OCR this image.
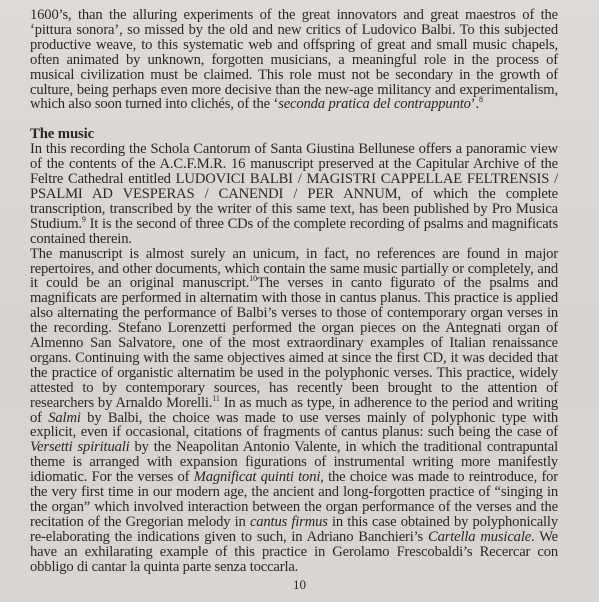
1600’s, than the alluring experiments of the great innovators and great maestros of the ‘pittura sonora’, so missed by the old and new critics of Ludovico Balbi. To this subjected productive weave, to this systematic web and offspring of great and small music chapels, often animated by unknown, forgotten musicians, a meaningful role in the process of musical civilization must be claimed. This role must not be secondary in the growth of culture, being perhaps even more decisive than the new-age militancy and experimentalism, which also soon turned into clichés, of the ‘seconda pratica del contrappunto’.$^8$

The music

In this recording the Schola Cantorum of Santa Giustina Bellunese offers a panoramic view of the contents of the A.C.F.M.R. 16 manuscript preserved at the Capitular Archive of the Feltre Cathedral entitled LUDOVICI BALBI / MAGISTRI CAPPELLAE FELTRENSIS / PSALMI AD VESPERAS / CANENDI / PER ANNUM, of which the complete transcription, transcribed by the writer of this same text, has been published by Pro Musica Studium.$^9$ It is the second of three CDs of the complete recording of psalms and magnificats contained therein.

The manuscript is almost surely an unicum, in fact, no references are found in major repertoires, and other documents, which contain the same music partially or completely, and it could be an original manuscript.$^{10}$The verses in canto figurato of the psalms and magnificats are performed in alternatim with those in cantus planus. This practice is applied also alternating the performance of Balbi’s verses to those of contemporary organ verses in the recording. Stefano Lorenzetti performed the organ pieces on the Antegnati organ of Almenno San Salvatore, one of the most extraordinary examples of Italian renaissance organs. Continuing with the same objectives aimed at since the first CD, it was decided that the practice of organistic alternatim be used in the polyphonic verses. This practice, widely attested to by contemporary sources, has recently been brought to the attention of researchers by Arnaldo Morelli.$^{11}$ In as much as type, in adherence to the period and writing of Salmi by Balbi, the choice was made to use verses mainly of polyphonic type with explicit, even if occasional, citations of fragments of cantus planus: such being the case of Versetti spirituali by the Neapolitan Antonio Valente, in which the traditional contrapuntal theme is arranged with expansion figurations of instrumental writing more manifestly idiomatic. For the verses of Magnificat quinti toni, the choice was made to reintroduce, for the very first time in our modern age, the ancient and long-forgotten practice of “singing in the organ” which involved interaction between the organ performance of the verses and the recitation of the Gregorian melody in cantus firmus in this case obtained by polyphonically re-elaborating the indications given to such, in Adriano Banchieri’s Cartella musicale. We have an exhilarating example of this practice in Gerolamo Frescobaldi’s Recercar con obbligo di cantar la quinta parte senza toccarla.

10
